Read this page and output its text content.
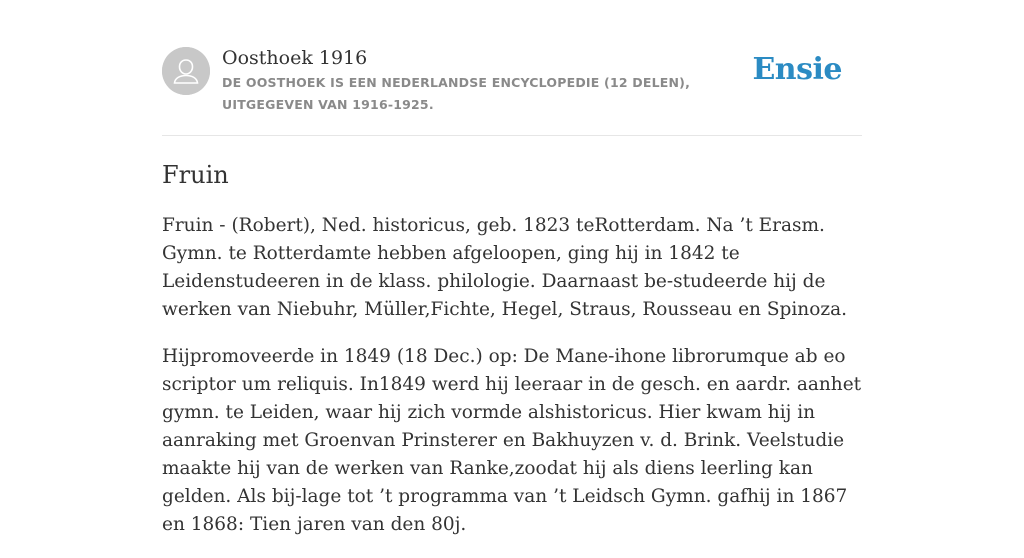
Oosthoek 1916

DE OOSTHOEK IS EEN NEDERLANDSE ENCYCLOPEDIE (12 DELEN), UITGEGEVEN VAN 1916-1925.

Ensie
Fruin

Fruin - (Robert), Ned. historicus, geb. 1823 teRotterdam. Na ’t Erasm. Gymn. te Rotterdamte hebben afgeloopen, ging hij in 1842 te Leidenstudeeren in de klass. philologie. Daarnaast be-studeerde hij de werken van Niebuhr, Müller,Fichte, Hegel, Straus, Rousseau en Spinoza.

Hijpromoveerde in 1849 (18 Dec.) op: De Mane-ihone librorumque ab eo scriptor um reliquis. In1849 werd hij leeraar in de gesch. en aardr. aanhet gymn. te Leiden, waar hij zich vormde alshistoricus. Hier kwam hij in aanraking met Groenvan Prinsterer en Bakhuyzen v. d. Brink. Veelstudie maakte hij van de werken van Ranke,zoodat hij als diens leerling kan gelden. Als bij-lage tot ’t programma van ’t Leidsch Gymn. gafhij in 1867 en 1868: Tien jaren van den 80j.
